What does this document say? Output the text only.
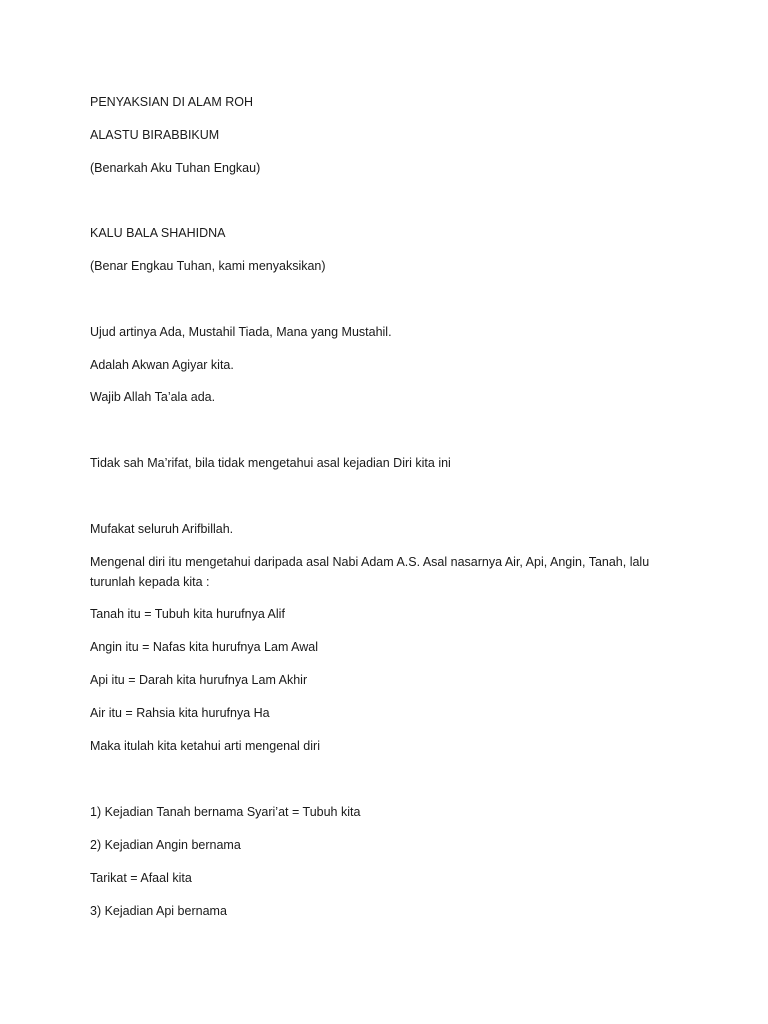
PENYAKSIAN DI ALAM ROH

ALASTU BIRABBIKUM

(Benarkah Aku Tuhan Engkau)

KALU BALA SHAHIDNA

(Benar Engkau Tuhan, kami menyaksikan)

Ujud artinya Ada, Mustahil Tiada, Mana yang Mustahil.

Adalah Akwan Agiyar kita.

Wajib Allah Ta’ala ada.

Tidak sah Ma’rifat, bila tidak mengetahui asal kejadian Diri kita ini

Mufakat seluruh Arifbillah.

Mengenal diri itu mengetahui daripada asal Nabi Adam A.S. Asal nasarnya Air, Api, Angin, Tanah, lalu

turunlah kepada kita :

Tanah itu = Tubuh kita hurufnya Alif

Angin itu = Nafas kita hurufnya Lam Awal

Api itu = Darah kita hurufnya Lam Akhir

Air itu = Rahsia kita hurufnya Ha

Maka itulah kita ketahui arti mengenal diri

1) Kejadian Tanah bernama Syari’at = Tubuh kita

2) Kejadian Angin bernama

Tarikat = Afaal kita

3) Kejadian Api bernama
